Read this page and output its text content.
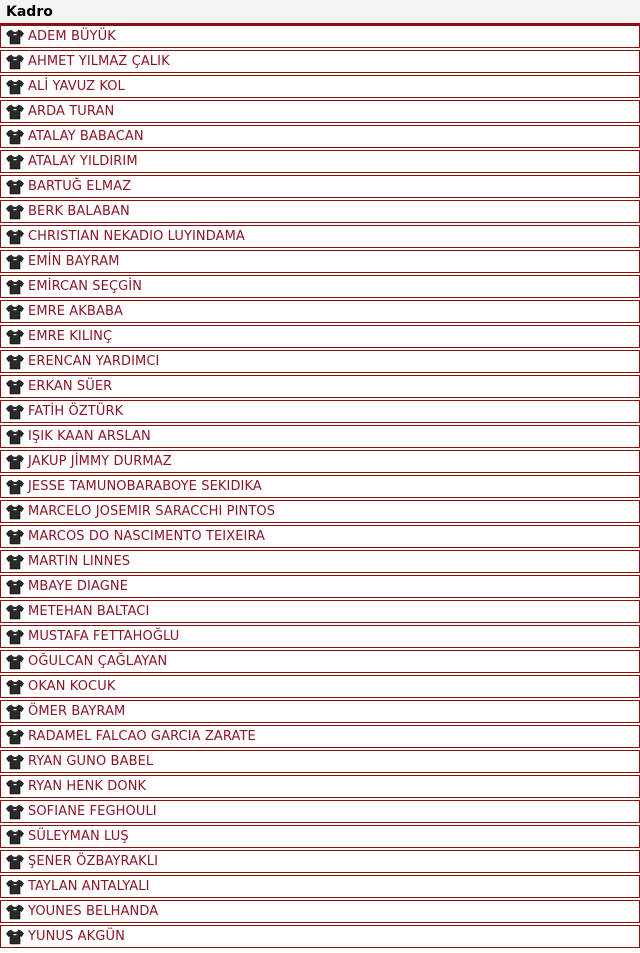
Kadro
ADEM BÜYÜK
AHMET YILMAZ ÇALIK
ALİ YAVUZ KOL
ARDA TURAN
ATALAY BABACAN
ATALAY YILDIRIM
BARTUĞ ELMAZ
BERK BALABAN
CHRISTIAN NEKADIO LUYINDAMA
EMİN BAYRAM
EMİRCAN SEÇGİN
EMRE AKBABA
EMRE KILINÇ
ERENCAN YARDIMCI
ERKAN SÜER
FATİH ÖZTÜRK
IŞIK KAAN ARSLAN
JAKUP JİMMY DURMAZ
JESSE TAMUNOBARABOYE SEKIDIKA
MARCELO JOSEMIR SARACCHI PINTOS
MARCOS DO NASCIMENTO TEIXEIRA
MARTIN LINNES
MBAYE DIAGNE
METEHAN BALTACI
MUSTAFA FETTAHOĞLU
OĞULCAN ÇAĞLAYAN
OKAN KOCUK
ÖMER BAYRAM
RADAMEL FALCAO GARCIA ZARATE
RYAN GUNO BABEL
RYAN HENK DONK
SOFIANE FEGHOULI
SÜLEYMAN LUŞ
ŞENER ÖZBAYRAKLI
TAYLAN ANTALYALI
YOUNES BELHANDA
YUNUS AKGÜN
